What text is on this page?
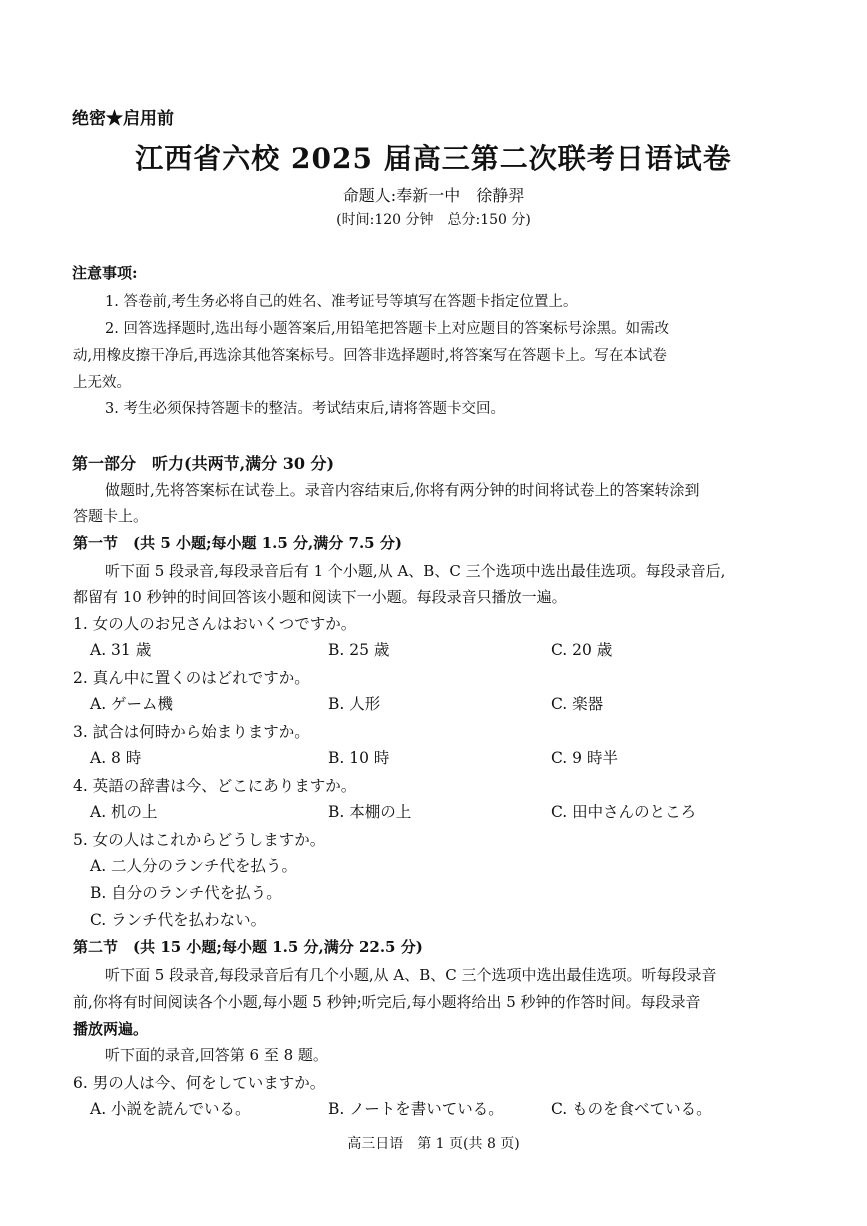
绝密★启用前
江西省六校 2025 届高三第二次联考日语试卷
命题人:奉新一中　徐静羿
(时间:120 分钟　总分:150 分)
注意事项:
1. 答卷前,考生务必将自己的姓名、准考证号等填写在答题卡指定位置上。
2. 回答选择题时,选出每小题答案后,用铅笔把答题卡上对应题目的答案标号涂黑。如需改
动,用橡皮擦干净后,再选涂其他答案标号。回答非选择题时,将答案写在答题卡上。写在本试卷
上无效。
3. 考生必须保持答题卡的整洁。考试结束后,请将答题卡交回。
第一部分　听力(共两节,满分 30 分)
做题时,先将答案标在试卷上。录音内容结束后,你将有两分钟的时间将试卷上的答案转涂到
答题卡上。
第一节　(共 5 小题;每小题 1.5 分,满分 7.5 分)
听下面 5 段录音,每段录音后有 1 个小题,从 A、B、C 三个选项中选出最佳选项。每段录音后,
都留有 10 秒钟的时间回答该小题和阅读下一小题。每段录音只播放一遍。
1. 女の人のお兄さんはおいくつですか。
A. 31 歳	B. 25 歳	C. 20 歳
2. 真ん中に置くのはどれですか。
A. ゲーム機	B. 人形	C. 楽器
3. 試合は何時から始まりますか。
A. 8 時	B. 10 時	C. 9 時半
4. 英語の辞書は今、どこにありますか。
A. 机の上	B. 本棚の上	C. 田中さんのところ
5. 女の人はこれからどうしますか。
A. 二人分のランチ代を払う。
B. 自分のランチ代を払う。
C. ランチ代を払わない。
第二节　(共 15 小题;每小题 1.5 分,满分 22.5 分)
听下面 5 段录音,每段录音后有几个小题,从 A、B、C 三个选项中选出最佳选项。听每段录音
前,你将有时间阅读各个小题,每小题 5 秒钟;听完后,每小题将给出 5 秒钟的作答时间。每段录音
播放两遍。
听下面的录音,回答第 6 至 8 题。
6. 男の人は今、何をしていますか。
A. 小説を読んでいる。	B. ノートを書いている。	C. ものを食べている。
高三日语　第 1 页(共 8 页)
